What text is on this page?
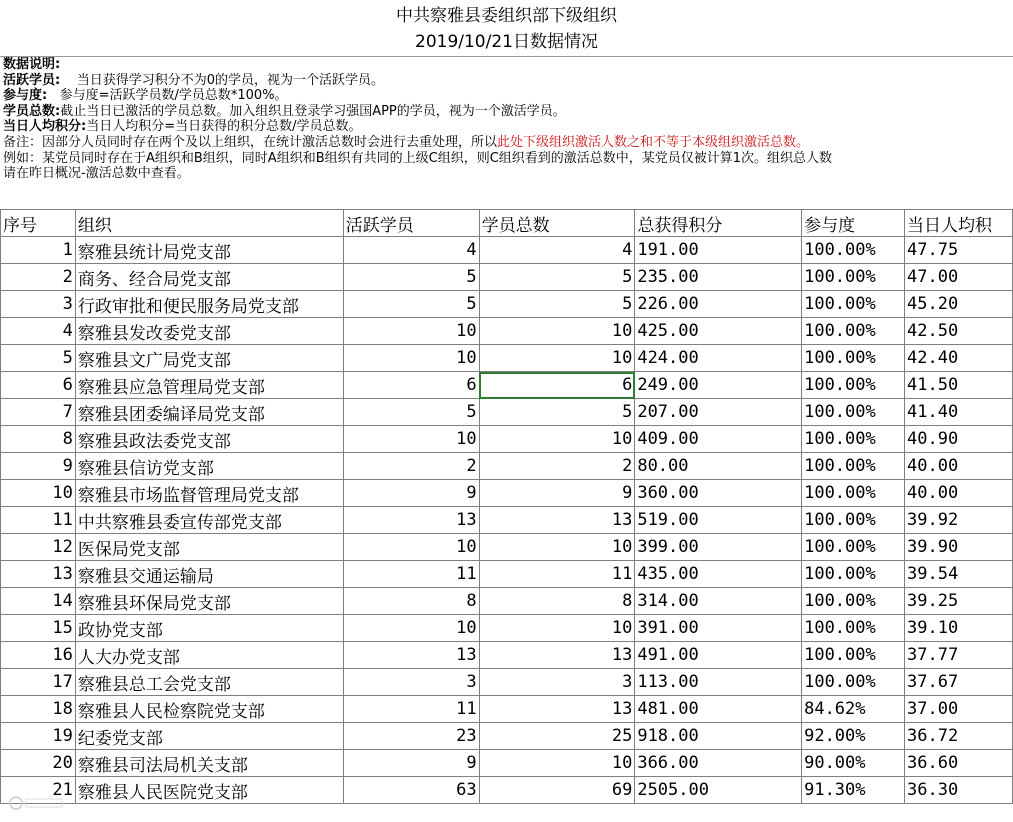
中共察雅县委组织部下级组织
2019/10/21日数据情况
数据说明:
活跃学员: 当日获得学习积分不为0的学员，视为一个活跃学员。
参与度: 参与度=活跃学员数/学员总数*100%。
学员总数:截止当日已激活的学员总数。加入组织且登录学习强国APP的学员，视为一个激活学员。
当日人均积分:当日人均积分=当日获得的积分总数/学员总数。
备注：因部分人员同时存在两个及以上组织，在统计激活总数时会进行去重处理，所以此处下级组织激活人数之和不等于本级组织激活总数。
例如：某党员同时存在于A组织和B组织，同时A组织和B组织有共同的上级C组织，则C组织看到的激活总数中，某党员仅被计算1次。组织总人数
请在昨日概况-激活总数中查看。
序号	组织	活跃学员	学员总数	总获得积分	参与度	当日人均积
1	察雅县统计局党支部	4	4	191.00	100.00%	47.75
2	商务、经合局党支部	5	5	235.00	100.00%	47.00
3	行政审批和便民服务局党支部	5	5	226.00	100.00%	45.20
4	察雅县发改委党支部	10	10	425.00	100.00%	42.50
5	察雅县文广局党支部	10	10	424.00	100.00%	42.40
6	察雅县应急管理局党支部	6	6	249.00	100.00%	41.50
7	察雅县团委编译局党支部	5	5	207.00	100.00%	41.40
8	察雅县政法委党支部	10	10	409.00	100.00%	40.90
9	察雅县信访党支部	2	2	80.00	100.00%	40.00
10	察雅县市场监督管理局党支部	9	9	360.00	100.00%	40.00
11	中共察雅县委宣传部党支部	13	13	519.00	100.00%	39.92
12	医保局党支部	10	10	399.00	100.00%	39.90
13	察雅县交通运输局	11	11	435.00	100.00%	39.54
14	察雅县环保局党支部	8	8	314.00	100.00%	39.25
15	政协党支部	10	10	391.00	100.00%	39.10
16	人大办党支部	13	13	491.00	100.00%	37.77
17	察雅县总工会党支部	3	3	113.00	100.00%	37.67
18	察雅县人民检察院党支部	11	13	481.00	84.62%	37.00
19	纪委党支部	23	25	918.00	92.00%	36.72
20	察雅县司法局机关支部	9	10	366.00	90.00%	36.60
21	察雅县人民医院党支部	63	69	2505.00	91.30%	36.30
